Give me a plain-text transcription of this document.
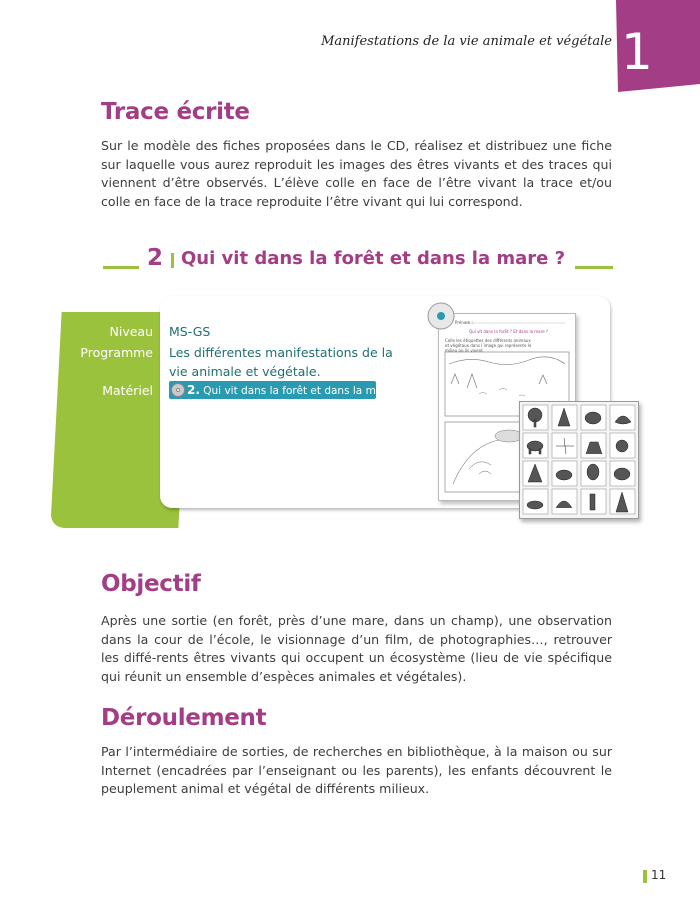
Manifestations de la vie animale et végétale 1
Trace écrite

Sur le modèle des fiches proposées dans le CD, réalisez et distribuez une fiche sur laquelle vous aurez reproduit les images des êtres vivants et des traces qui viennent d’être observés. L’élève colle en face de l’être vivant la trace et/ou colle en face de la trace reproduite l’être vivant qui lui correspond.

2 Qui vit dans la forêt et dans la mare ?
Niveau MS-GS
Programme Les différentes manifestations de la vie animale et végétale.
Matériel	2. Qui vit dans la forêt et dans la mare ?
Prénom :
Qui vit dans la forêt ? Et dans la mare ?
Colle les étiquettes des différents animaux et végétaux dans l’image qui représente le milieu où ils vivent.
Objectif

Après une sortie (en forêt, près d’une mare, dans un champ), une observation dans la cour de l’école, le visionnage d’un film, de photographies…, retrouver les diffé-rents êtres vivants qui occupent un écosystème (lieu de vie spécifique qui réunit un ensemble d’espèces animales et végétales).

Déroulement

Par l’intermédiaire de sorties, de recherches en bibliothèque, à la maison ou sur Internet (encadrées par l’enseignant ou les parents), les enfants découvrent le peuplement animal et végétal de différents milieux.

11
